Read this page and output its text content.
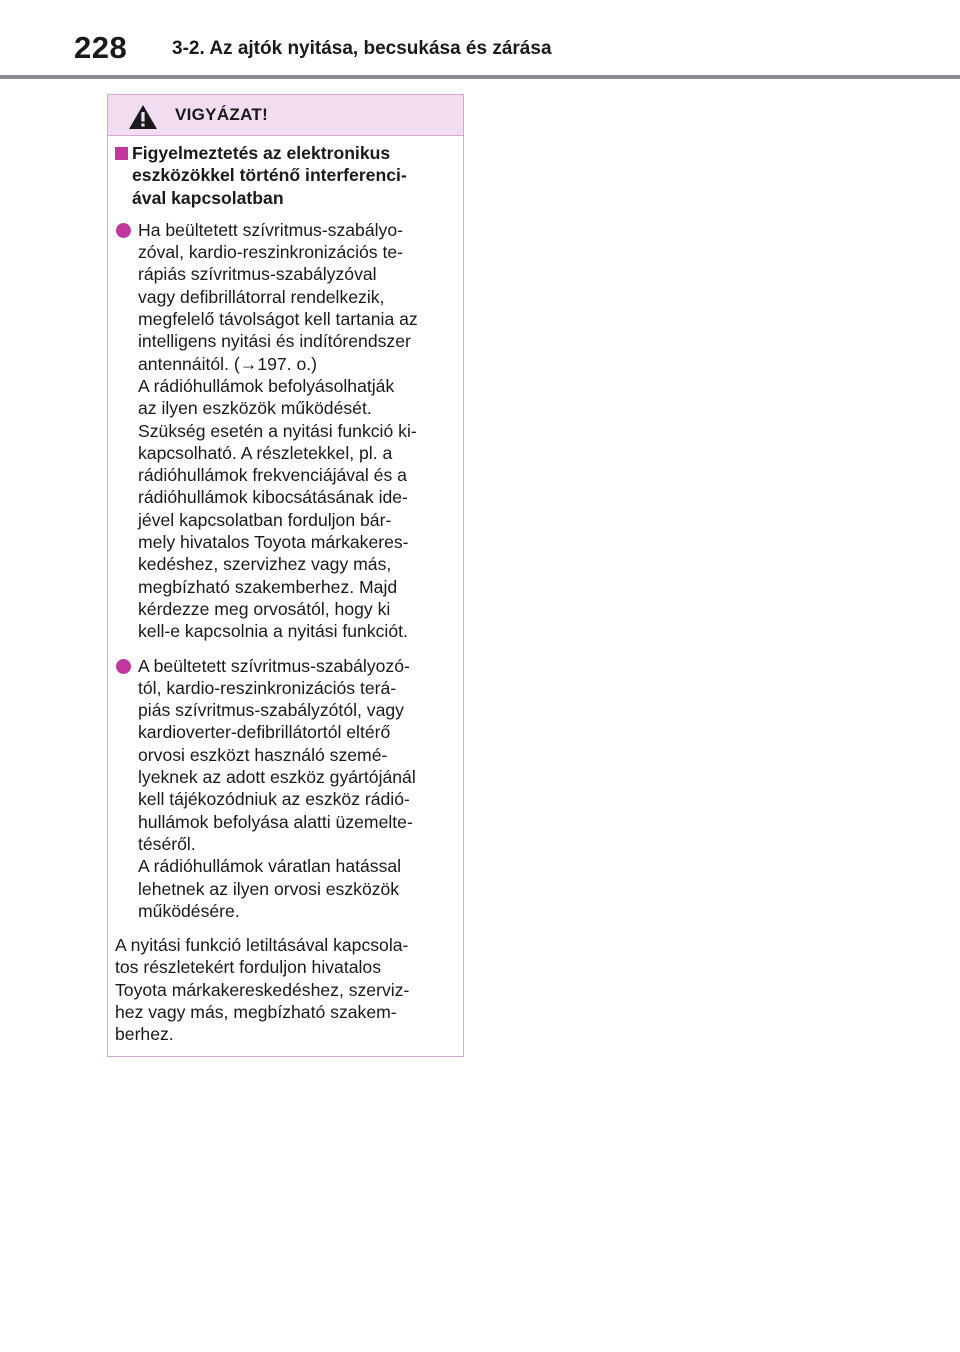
228 3-2. Az ajtók nyitása, becsukása és zárása
VIGYÁZAT!
Figyelmeztetés az elektronikus
eszközökkel történő interferenci-
ával kapcsolatban
Ha beültetett szívritmus-szabályo-
zóval, kardio-reszinkronizációs te-
rápiás szívritmus-szabályzóval
vagy defibrillátorral rendelkezik,
megfelelő távolságot kell tartania az
intelligens nyitási és indítórendszer
antennáitól. (→197. o.)
A rádióhullámok befolyásolhatják
az ilyen eszközök működését.
Szükség esetén a nyitási funkció ki-
kapcsolható. A részletekkel, pl. a
rádióhullámok frekvenciájával és a
rádióhullámok kibocsátásának ide-
jével kapcsolatban forduljon bár-
mely hivatalos Toyota márkakeres-
kedéshez, szervizhez vagy más,
megbízható szakemberhez. Majd
kérdezze meg orvosától, hogy ki
kell-e kapcsolnia a nyitási funkciót.
A beültetett szívritmus-szabályozó-
tól, kardio-reszinkronizációs terá-
piás szívritmus-szabályzótól, vagy
kardioverter-defibrillátortól eltérő
orvosi eszközt használó szemé-
lyeknek az adott eszköz gyártójánál
kell tájékozódniuk az eszköz rádió-
hullámok befolyása alatti üzemelte-
téséről.
A rádióhullámok váratlan hatással
lehetnek az ilyen orvosi eszközök
működésére.
A nyitási funkció letiltásával kapcsola-
tos részletekért forduljon hivatalos
Toyota márkakereskedéshez, szerviz-
hez vagy más, megbízható szakem-
berhez.
